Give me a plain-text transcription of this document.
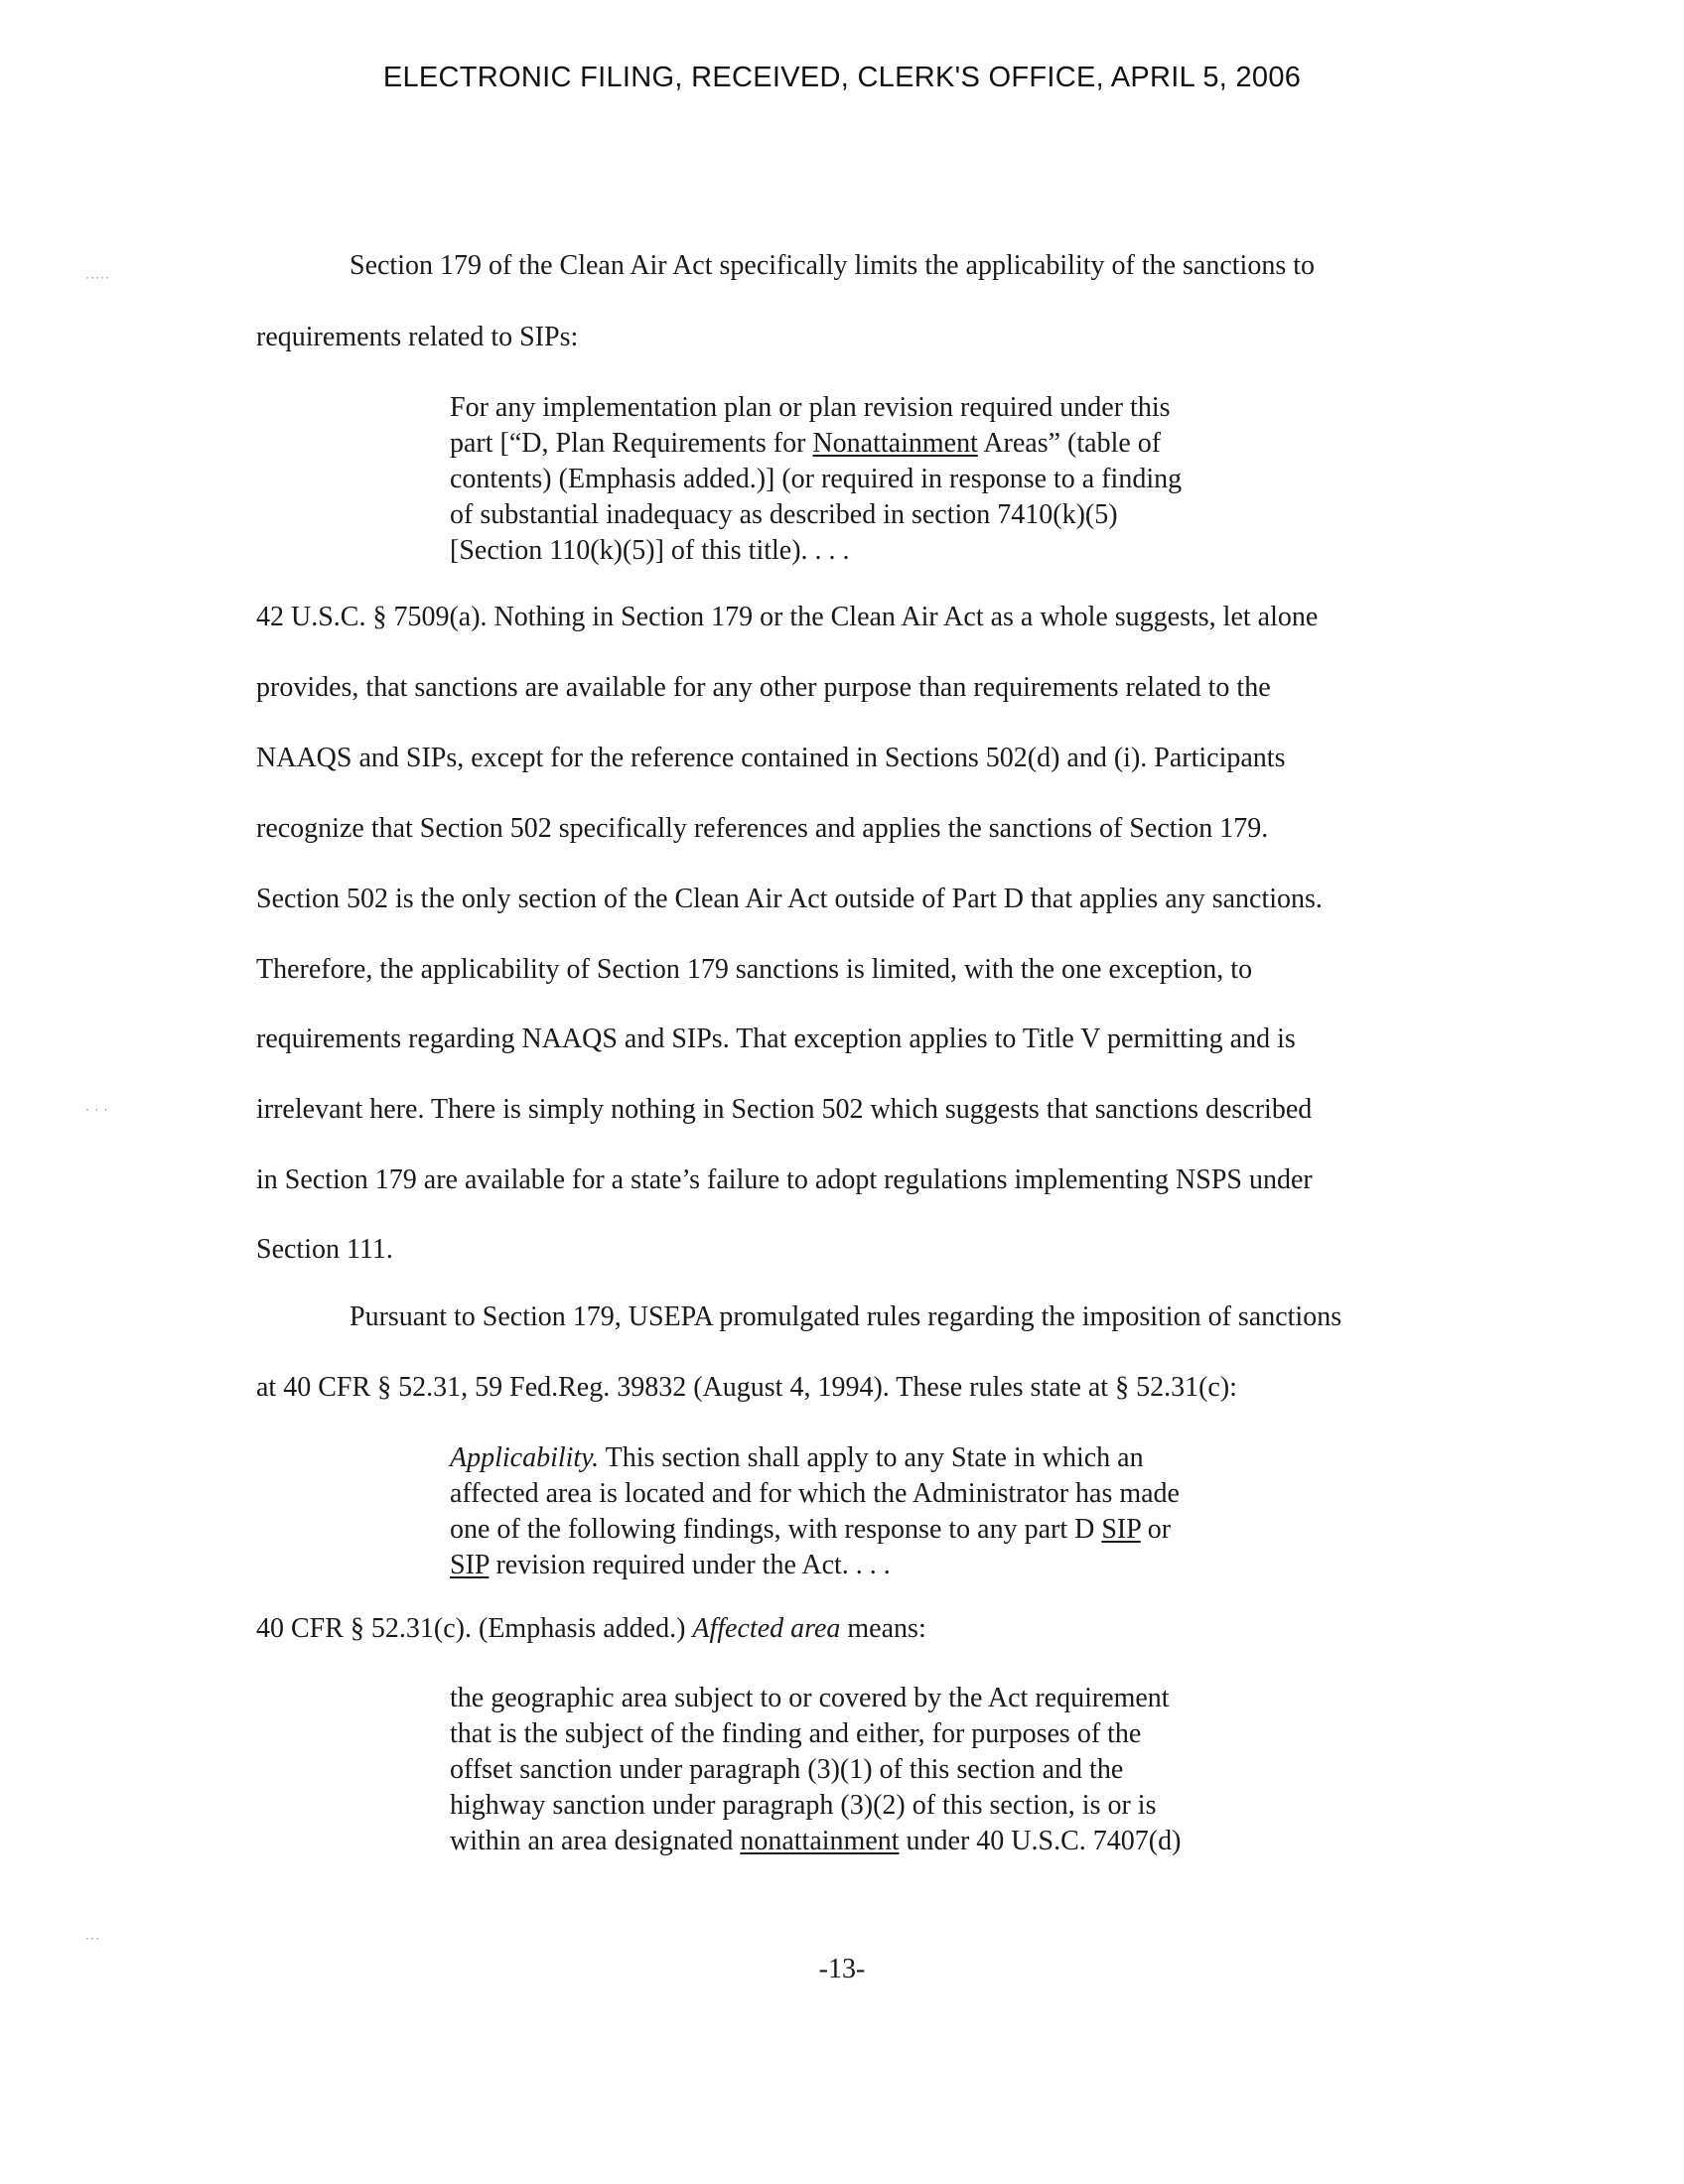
ELECTRONIC FILING, RECEIVED, CLERK'S OFFICE, APRIL 5, 2006
·····
· · ·
···
Section 179 of the Clean Air Act specifically limits the applicability of the sanctions to
requirements related to SIPs:
For any implementation plan or plan revision required under this
part [“D, Plan Requirements for Nonattainment Areas” (table of
contents) (Emphasis added.)] (or required in response to a finding
of substantial inadequacy as described in section 7410(k)(5)
[Section 110(k)(5)] of this title). . . .
42 U.S.C. § 7509(a). Nothing in Section 179 or the Clean Air Act as a whole suggests, let alone
provides, that sanctions are available for any other purpose than requirements related to the
NAAQS and SIPs, except for the reference contained in Sections 502(d) and (i). Participants
recognize that Section 502 specifically references and applies the sanctions of Section 179.
Section 502 is the only section of the Clean Air Act outside of Part D that applies any sanctions.
Therefore, the applicability of Section 179 sanctions is limited, with the one exception, to
requirements regarding NAAQS and SIPs. That exception applies to Title V permitting and is
irrelevant here. There is simply nothing in Section 502 which suggests that sanctions described
in Section 179 are available for a state’s failure to adopt regulations implementing NSPS under
Section 111.
Pursuant to Section 179, USEPA promulgated rules regarding the imposition of sanctions
at 40 CFR § 52.31, 59 Fed.Reg. 39832 (August 4, 1994). These rules state at § 52.31(c):
Applicability. This section shall apply to any State in which an
affected area is located and for which the Administrator has made
one of the following findings, with response to any part D SIP or
SIP revision required under the Act. . . .
40 CFR § 52.31(c). (Emphasis added.) Affected area means:
the geographic area subject to or covered by the Act requirement
that is the subject of the finding and either, for purposes of the
offset sanction under paragraph (3)(1) of this section and the
highway sanction under paragraph (3)(2) of this section, is or is
within an area designated nonattainment under 40 U.S.C. 7407(d)
-13-
